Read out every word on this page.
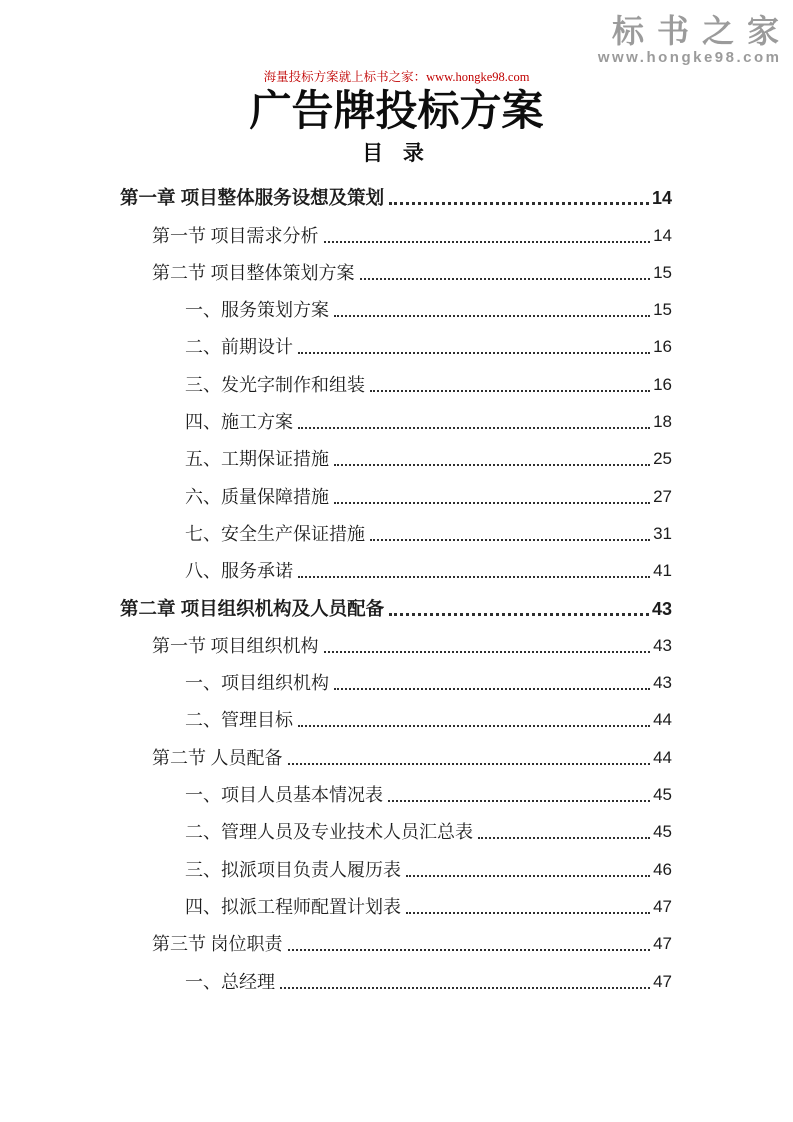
标书之家
www.hongke98.com
海量投标方案就上标书之家：www.hongke98.com
广告牌投标方案
目 录
第一章 项目整体服务设想及策划	14
第一节 项目需求分析	14
第二节 项目整体策划方案	15
一、服务策划方案	15
二、前期设计	16
三、发光字制作和组装	16
四、施工方案	18
五、工期保证措施	25
六、质量保障措施	27
七、安全生产保证措施	31
八、服务承诺	41
第二章 项目组织机构及人员配备	43
第一节 项目组织机构	43
一、项目组织机构	43
二、管理目标	44
第二节 人员配备	44
一、项目人员基本情况表	45
二、管理人员及专业技术人员汇总表	45
三、拟派项目负责人履历表	46
四、拟派工程师配置计划表	47
第三节 岗位职责	47
一、总经理	47
